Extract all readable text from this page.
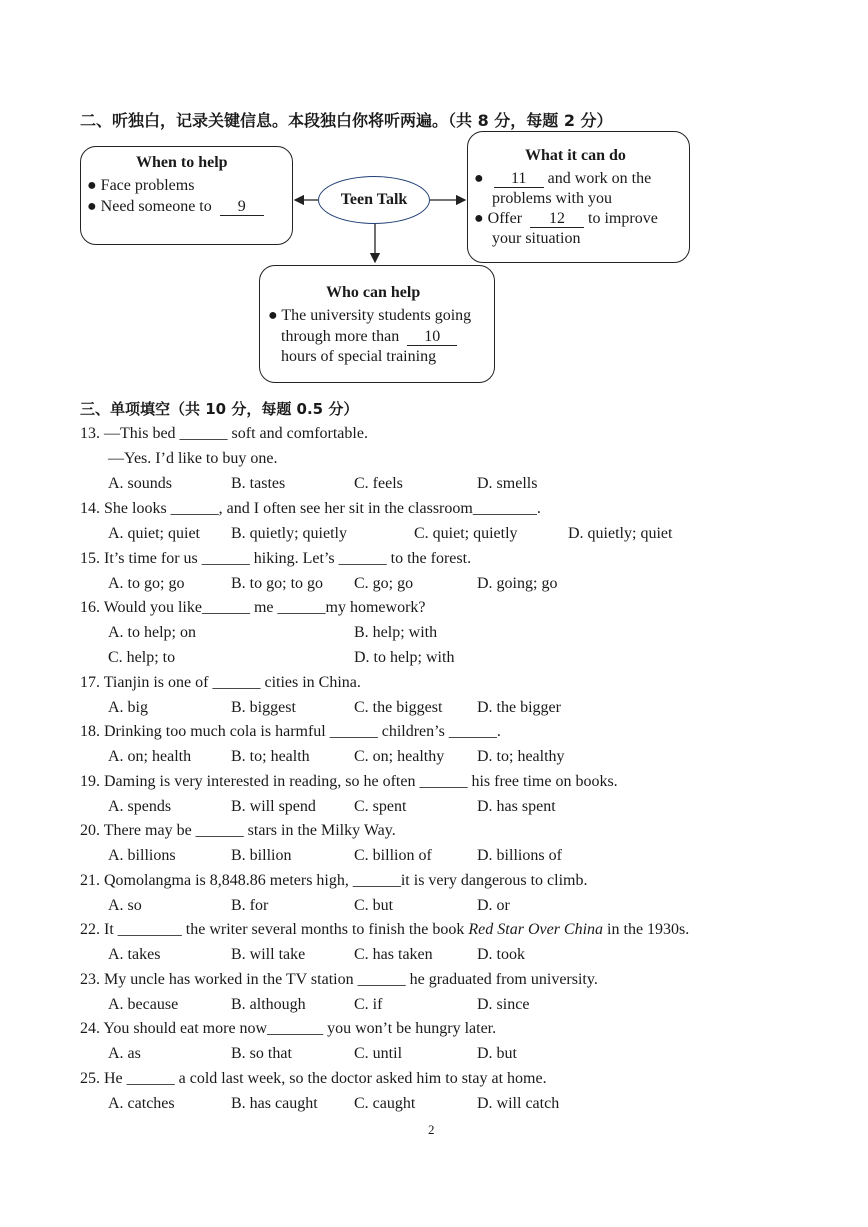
二、听独白，记录关键信息。本段独白你将听两遍。（共 8 分，每题 2 分）
When to help
● Face problems
● Need someone to 9	Teen Talk
What it can do
● 11 and work on the
problems with you
● Offer 12 to improve
your situation
Who can help
● The university students going
through more than 10
hours of special training
三、单项填空（共 10 分，每题 0.5 分）
13. —This bed ______ soft and comfortable.
—Yes. I’d like to buy one.
A. sounds	B. tastes	C. feels	D. smells
14. She looks ______, and I often see her sit in the classroom________.
A. quiet; quiet B. quietly; quietly	C. quiet; quietly	D. quietly; quiet
15. It’s time for us ______ hiking. Let’s ______ to the forest.
A. to go; go	B. to go; to go C. go; go	D. going; go
16. Would you like______ me ______my homework?
A. to help; on	B. help; with
C. help; to	D. to help; with
17. Tianjin is one of ______ cities in China.
A. big	B. biggest	C. the biggest D. the bigger
18. Drinking too much cola is harmful ______ children’s ______.
A. on; health B. to; health	C. on; healthy D. to; healthy
19. Daming is very interested in reading, so he often ______ his free time on books.
A. spends	B. will spend C. spent	D. has spent
20. There may be ______ stars in the Milky Way.
A. billions	B. billion	C. billion of	D. billions of
21. Qomolangma is 8,848.86 meters high, ______it is very dangerous to climb.
A. so	B. for	C. but	D. or
22. It ________ the writer several months to finish the book Red Star Over China in the 1930s.
A. takes	B. will take	C. has taken	D. took
23. My uncle has worked in the TV station ______ he graduated from university.
A. because	B. although	C. if	D. since
24. You should eat more now_______ you won’t be hungry later.
A. as	B. so that	C. until	D. but
25. He ______ a cold last week, so the doctor asked him to stay at home.
A. catches	B. has caught C. caught	D. will catch
2
